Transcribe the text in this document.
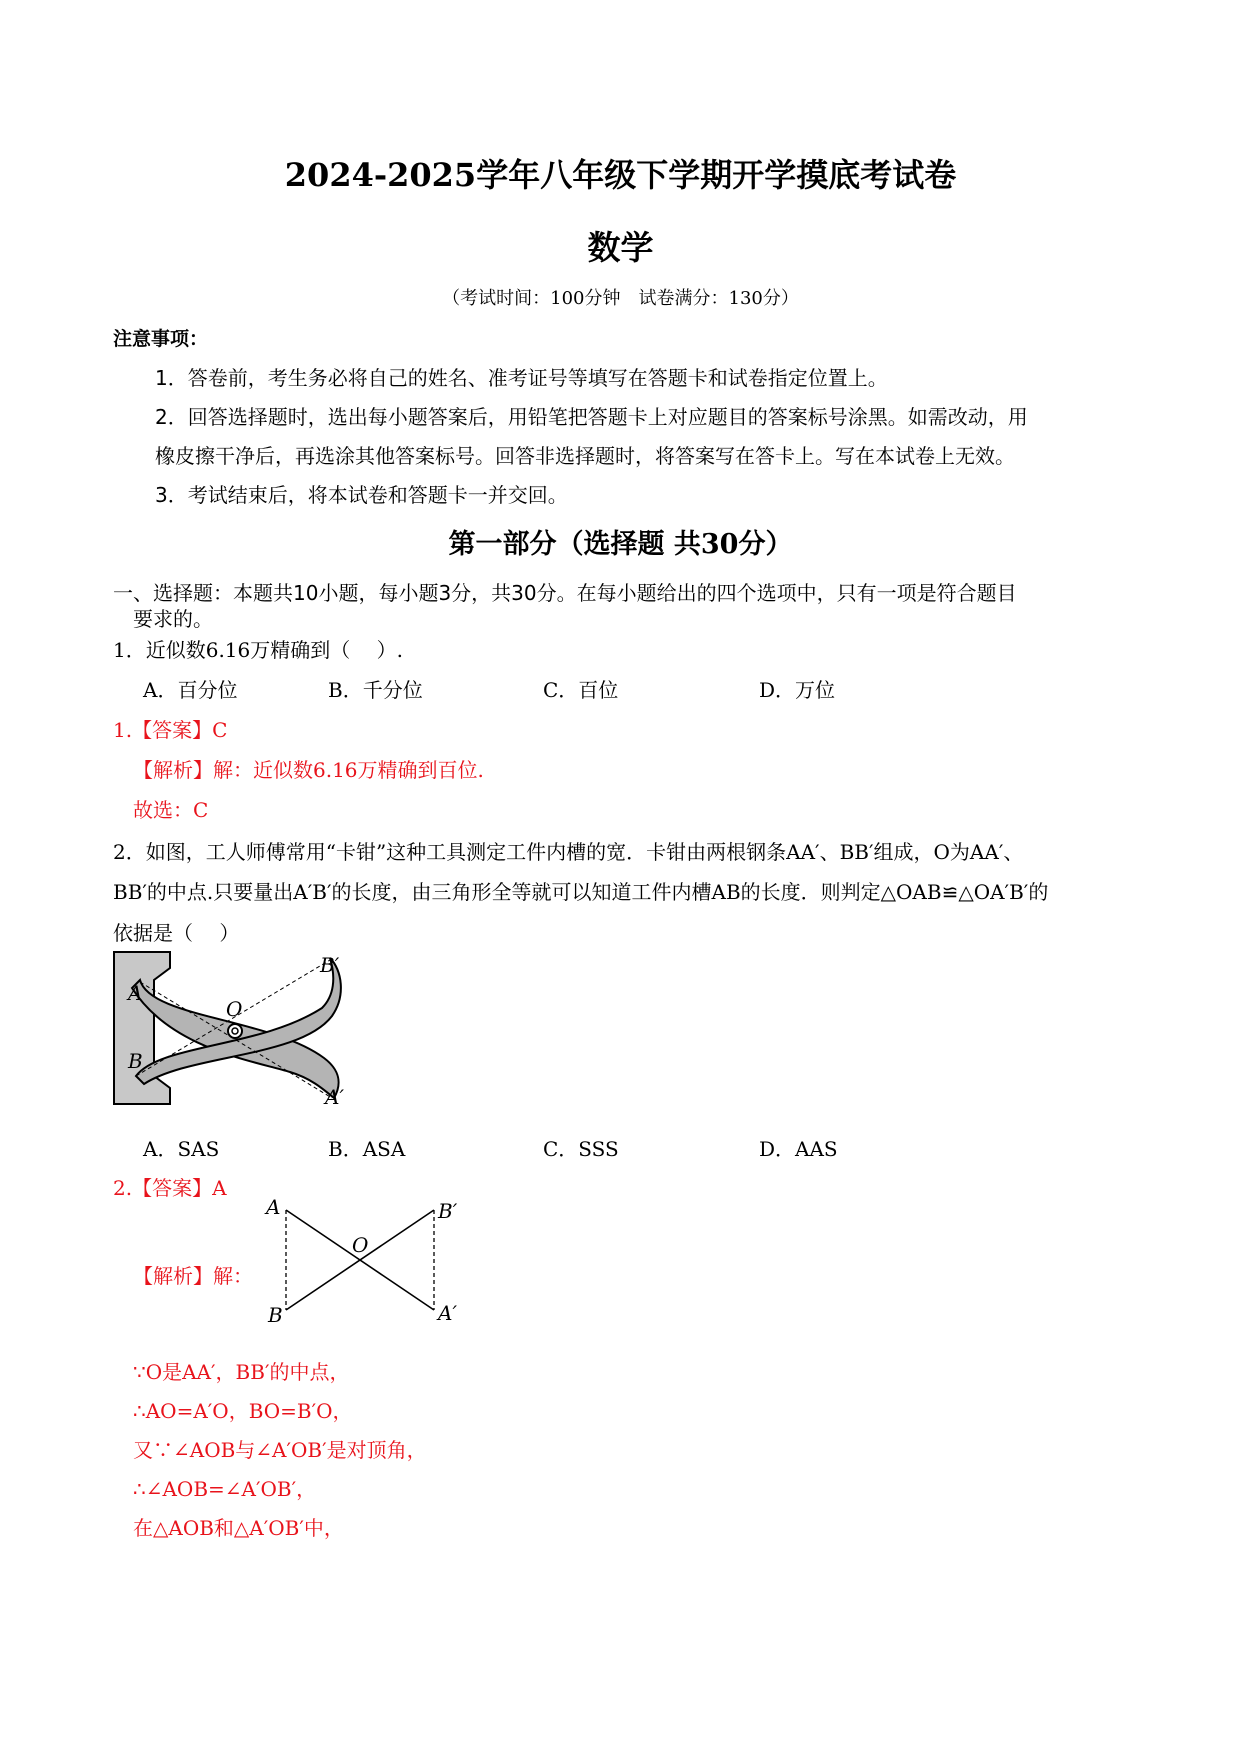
2024-2025学年八年级下学期开学摸底考试卷
数学
（考试时间：100分钟　试卷满分：130分）
注意事项：
1．答卷前，考生务必将自己的姓名、准考证号等填写在答题卡和试卷指定位置上。
2．回答选择题时，选出每小题答案后，用铅笔把答题卡上对应题目的答案标号涂黑。如需改动，用
橡皮擦干净后，再选涂其他答案标号。回答非选择题时，将答案写在答卡上。写在本试卷上无效。
3．考试结束后，将本试卷和答题卡一并交回。
第一部分（选择题 共30分）
一、选择题：本题共10小题，每小题3分，共30分。在每小题给出的四个选项中，只有一项是符合题目
要求的。
1．近似数6.16万精确到（　 ）.
A．百分位	B．千分位	C．百位	D．万位
1.【答案】C
【解析】解：近似数6.16万精确到百位.
故选：C
2．如图，工人师傅常用“卡钳”这种工具测定工件内槽的宽．卡钳由两根钢条AA′、BB′组成，O为AA′、
BB′的中点.只要量出A′B′的长度，由三角形全等就可以知道工件内槽AB的长度．则判定△OAB≌△OA′B′的
依据是（　 ）
A
B
O
B′
A′
A．SAS	B．ASA	C．SSS	D．AAS
2.【答案】A
【解析】解：
A
B
O
B′
A′
∵O是AA′，BB′的中点，
∴AO=A′O，BO=B′O，
又∵∠AOB与∠A′OB′是对顶角，
∴∠AOB=∠A′OB′，
在△AOB和△A′OB′中，
